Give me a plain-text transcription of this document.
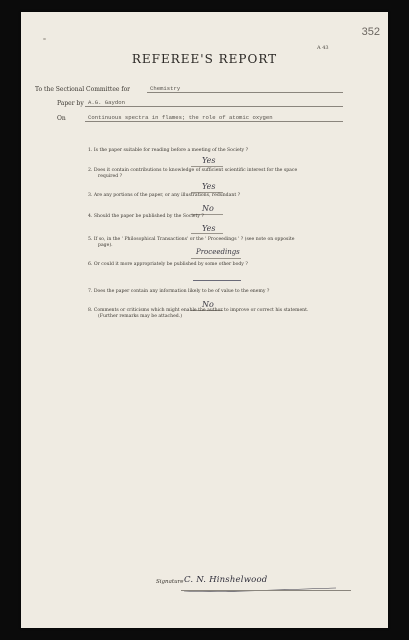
352
A 43
REFEREE'S REPORT
To the Sectional Committee for	Chemistry
Paper by A.G. Gaydon
On	Continuous spectra in flames; the role of atomic oxygen
1. Is the paper suitable for reading before a meeting of the Society ?
Yes
2. Does it contain contributions to knowledge of sufficient scientific interest for the space
required ?
Yes
3. Are any portions of the paper, or any illustrations, redundant ?
No
4. Should the paper be published by the Society ?
Yes
5. If so, in the ' Philosophical Transactions' or the ' Proceedings ' ? (see note on opposite
page).
Proceedings
6. Or could it more appropriately be published by some other body ?
7. Does the paper contain any information likely to be of value to the enemy ?
No
8. Comments or criticisms which might enable the author to improve or correct his statement.
(Further remarks may be attached.)
Signature C. N. Hinshelwood
